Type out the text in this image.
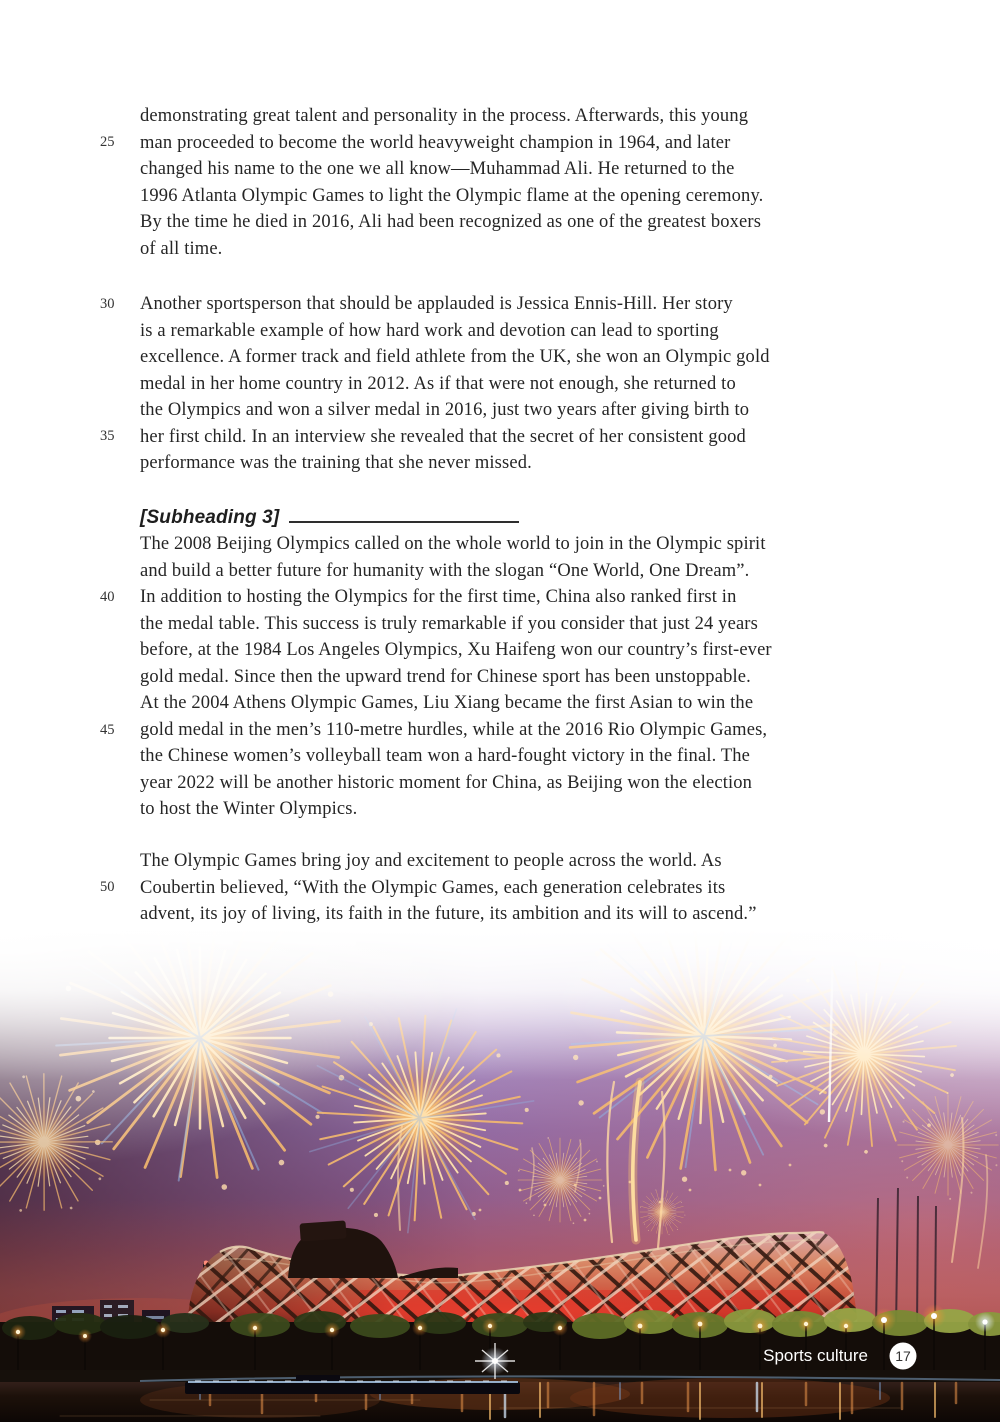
25
30
35
40
45
50
demonstrating great talent and personality in the process. Afterwards, this young
man proceeded to become the world heavyweight champion in 1964, and later
changed his name to the one we all know—Muhammad Ali. He returned to the
1996 Atlanta Olympic Games to light the Olympic flame at the opening ceremony.
By the time he died in 2016, Ali had been recognized as one of the greatest boxers
of all time.
Another sportsperson that should be applauded is Jessica Ennis-Hill. Her story
is a remarkable example of how hard work and devotion can lead to sporting
excellence. A former track and field athlete from the UK, she won an Olympic gold
medal in her home country in 2012. As if that were not enough, she returned to
the Olympics and won a silver medal in 2016, just two years after giving birth to
her first child. In an interview she revealed that the secret of her consistent good
performance was the training that she never missed.
[Subheading 3]
The 2008 Beijing Olympics called on the whole world to join in the Olympic spirit
and build a better future for humanity with the slogan “One World, One Dream”.
In addition to hosting the Olympics for the first time, China also ranked first in
the medal table. This success is truly remarkable if you consider that just 24 years
before, at the 1984 Los Angeles Olympics, Xu Haifeng won our country’s first-ever
gold medal. Since then the upward trend for Chinese sport has been unstoppable.
At the 2004 Athens Olympic Games, Liu Xiang became the first Asian to win the
gold medal in the men’s 110-metre hurdles, while at the 2016 Rio Olympic Games,
the Chinese women’s volleyball team won a hard-fought victory in the final. The
year 2022 will be another historic moment for China, as Beijing won the election
to host the Winter Olympics.
The Olympic Games bring joy and excitement to people across the world. As
Coubertin believed, “With the Olympic Games, each generation celebrates its
advent, its joy of living, its faith in the future, its ambition and its will to ascend.”
Sports culture 17
